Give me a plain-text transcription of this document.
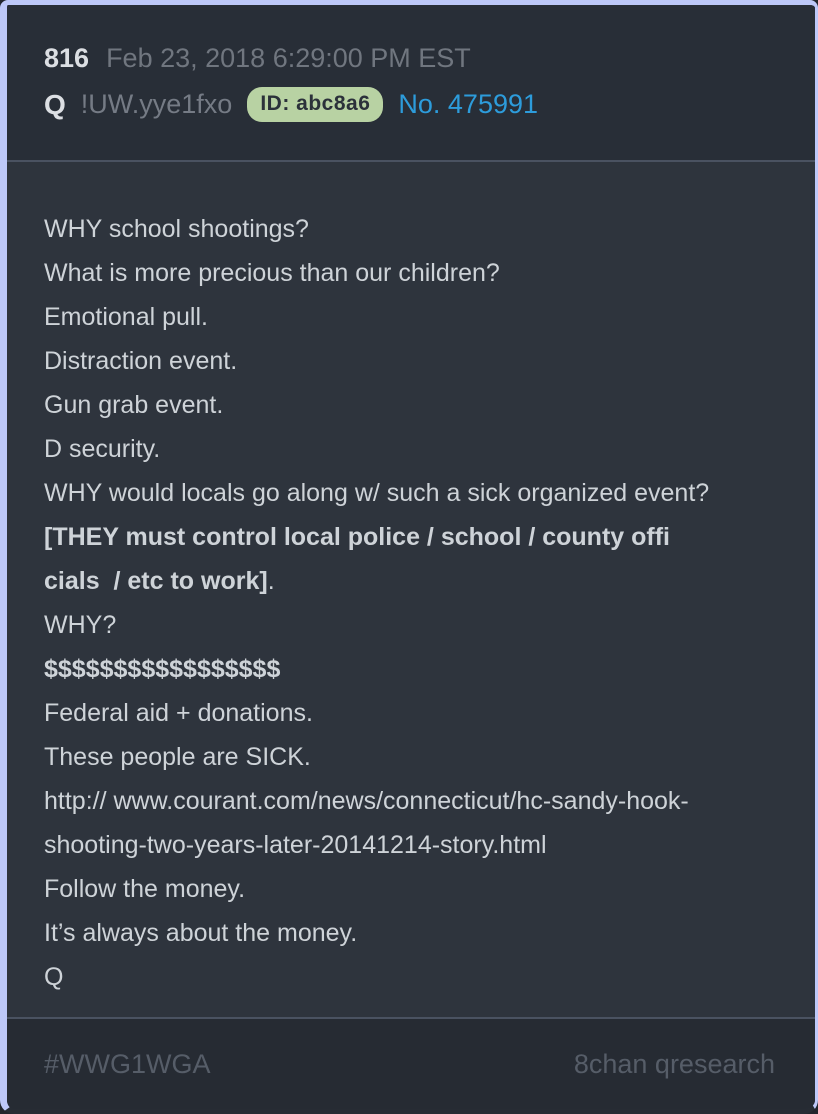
816 Feb 23, 2018 6:29:00 PM EST
Q !UW.yye1fxo	ID: abc8a6	No. 475991
WHY school shootings?
What is more precious than our children?
Emotional pull.
Distraction event.
Gun grab event.
D security.
WHY would locals go along w/ such a sick organized event?
[THEY must control local police / school / county offi
cials  / etc to work].
WHY?
$$$$$$$$$$$$$$$$$
Federal aid + donations.
These people are SICK.
http:// www.courant.com/news/connecticut/hc-sandy-hook-
shooting-two-years-later-20141214-story.html
Follow the money.
It’s always about the money.
Q
#WWG1WGA	8chan qresearch
